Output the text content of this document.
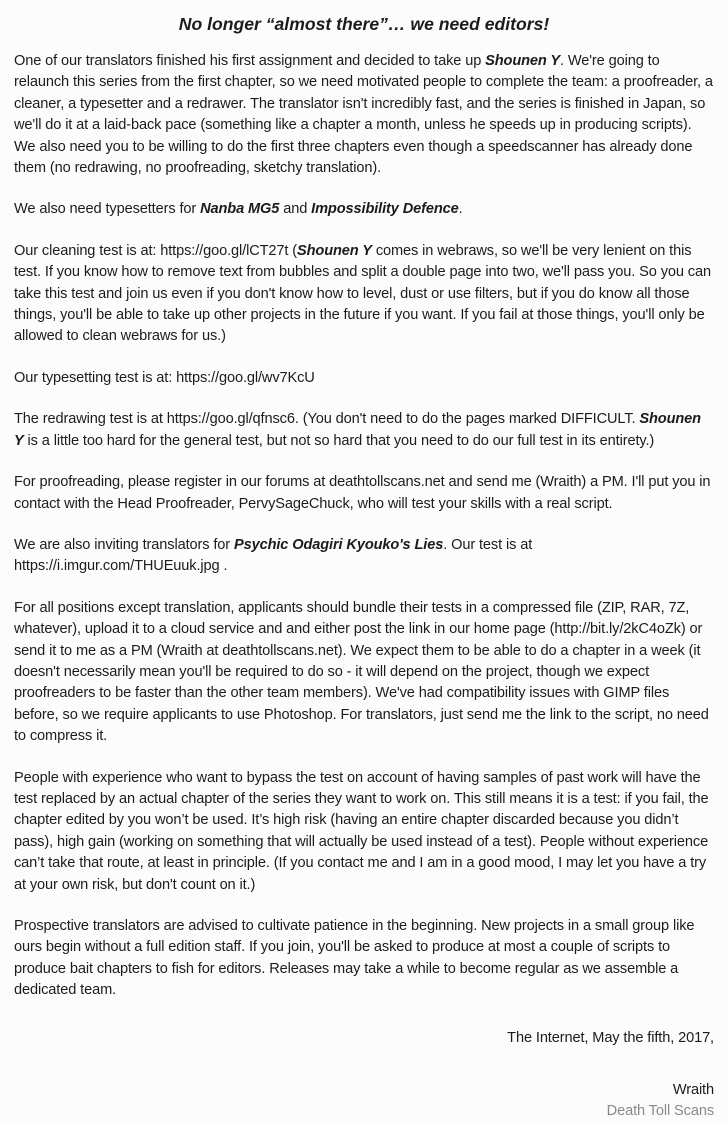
No longer “almost there”… we need editors!

One of our translators finished his first assignment and decided to take up Shounen Y. We're going to relaunch this series from the first chapter, so we need motivated people to complete the team: a proofreader, a cleaner, a typesetter and a redrawer. The translator isn't incredibly fast, and the series is finished in Japan, so we'll do it at a laid-back pace (something like a chapter a month, unless he speeds up in producing scripts). We also need you to be willing to do the first three chapters even though a speedscanner has already done them (no redrawing, no proofreading, sketchy translation).

We also need typesetters for Nanba MG5 and Impossibility Defence.

Our cleaning test is at: https://goo.gl/lCT27t (Shounen Y comes in webraws, so we'll be very lenient on this test. If you know how to remove text from bubbles and split a double page into two, we'll pass you. So you can take this test and join us even if you don't know how to level, dust or use filters, but if you do know all those things, you'll be able to take up other projects in the future if you want. If you fail at those things, you'll only be allowed to clean webraws for us.)

Our typesetting test is at: https://goo.gl/wv7KcU

The redrawing test is at https://goo.gl/qfnsc6. (You don't need to do the pages marked DIFFICULT. Shounen Y is a little too hard for the general test, but not so hard that you need to do our full test in its entirety.)

For proofreading, please register in our forums at deathtollscans.net and send me (Wraith) a PM. I'll put you in contact with the Head Proofreader, PervySageChuck, who will test your skills with a real script.

We are also inviting translators for Psychic Odagiri Kyouko's Lies. Our test is at https://i.imgur.com/THUEuuk.jpg .

For all positions except translation, applicants should bundle their tests in a compressed file (ZIP, RAR, 7Z, whatever), upload it to a cloud service and and either post the link in our home page (http://bit.ly/2kC4oZk) or send it to me as a PM (Wraith at deathtollscans.net). We expect them to be able to do a chapter in a week (it doesn't necessarily mean you'll be required to do so - it will depend on the project, though we expect proofreaders to be faster than the other team members). We've had compatibility issues with GIMP files before, so we require applicants to use Photoshop. For translators, just send me the link to the script, no need to compress it.

People with experience who want to bypass the test on account of having samples of past work will have the test replaced by an actual chapter of the series they want to work on. This still means it is a test: if you fail, the chapter edited by you won’t be used. It’s high risk (having an entire chapter discarded because you didn’t pass), high gain (working on something that will actually be used instead of a test). People without experience can’t take that route, at least in principle. (If you contact me and I am in a good mood, I may let you have a try at your own risk, but don't count on it.)

Prospective translators are advised to cultivate patience in the beginning. New projects in a small group like ours begin without a full edition staff. If you join, you'll be asked to produce at most a couple of scripts to produce bait chapters to fish for editors. Releases may take a while to become regular as we assemble a dedicated team.

The Internet, May the fifth, 2017,

Wraith

Death Toll Scans
